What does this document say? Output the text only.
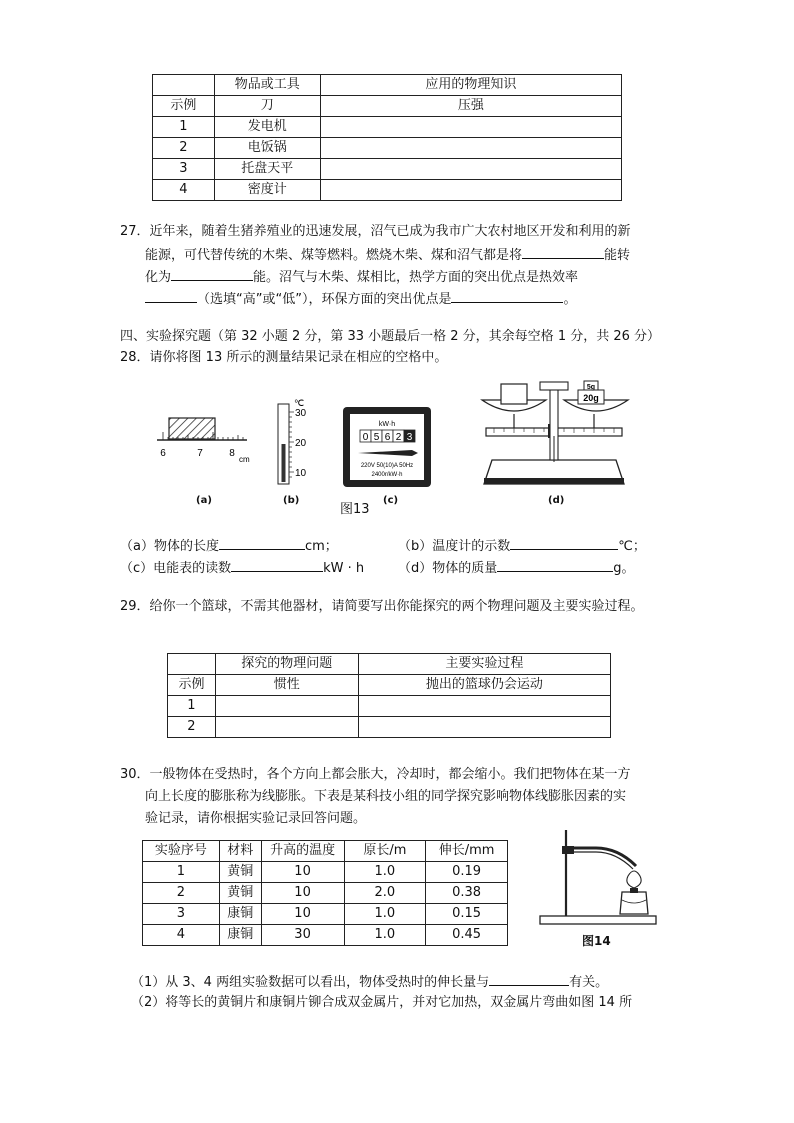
	物品或工具	应用的物理知识
示例	刀	压强
1	发电机	
2	电饭锅	
3	托盘天平	
4	密度计	
27．近年来，随着生猪养殖业的迅速发展，沼气已成为我市广大农村地区开发和利用的新
能源，可代替传统的木柴、煤等燃料。燃烧木柴、煤和沼气都是将	能转
化为	能。沼气与木柴、煤相比，热学方面的突出优点是热效率
（选填“高”或“低”），环保方面的突出优点是	。
四、实验探究题（第 32 小题 2 分，第 33 小题最后一格 2 分，其余每空格 1 分，共 26 分）
28．请你将图 13 所示的测量结果记录在相应的空格中。
6	7	8
cm
℃
30
20
10
kW·h
0 5 6 2 3
220V 50(10)A 50Hz
2400r/kW·h
20g
5g
(a)	(b)	(c)	(d)
图13
（a）物体的长度	cm；	（b）温度计的示数	℃；
（c）电能表的读数	kW · h	（d）物体的质量	g。
29．给你一个篮球，不需其他器材，请简要写出你能探究的两个物理问题及主要实验过程。
	探究的物理问题	主要实验过程
示例	惯性	抛出的篮球仍会运动
1		
2		
30．一般物体在受热时，各个方向上都会胀大，冷却时，都会缩小。我们把物体在某一方
向上长度的膨胀称为线膨胀。下表是某科技小组的同学探究影响物体线膨胀因素的实
验记录，请你根据实验记录回答问题。
实验序号	材料	升高的温度	原长/m	伸长/mm
1	黄铜	10	1.0	0.19
2	黄铜	10	2.0	0.38
3	康铜	10	1.0	0.15
4	康铜	30	1.0	0.45	图14
（1）从 3、4 两组实验数据可以看出，物体受热时的伸长量与	有关。
（2）将等长的黄铜片和康铜片铆合成双金属片，并对它加热，双金属片弯曲如图 14 所
